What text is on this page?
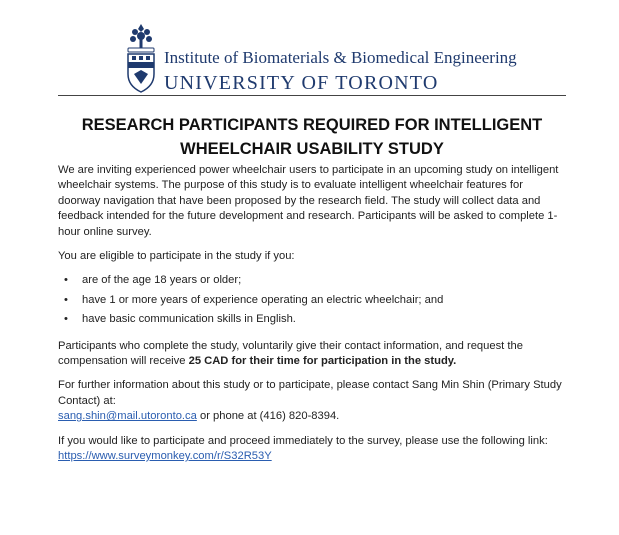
Institute of Biomaterials & Biomedical Engineering
UNIVERSITY OF TORONTO
RESEARCH PARTICIPANTS REQUIRED FOR INTELLIGENT
WHEELCHAIR USABILITY STUDY

We are inviting experienced power wheelchair users to participate in an upcoming study on intelligent wheelchair systems. The purpose of this study is to evaluate intelligent wheelchair features for doorway navigation that have been proposed by the research field. The study will collect data and feedback intended for the future development and research. Participants will be asked to complete 1-hour online survey.

You are eligible to participate in the study if you:

• are of the age 18 years or older;
• have 1 or more years of experience operating an electric wheelchair; and
• have basic communication skills in English.

Participants who complete the study, voluntarily give their contact information, and request the compensation will receive 25 CAD for their time for participation in the study.

For further information about this study or to participate, please contact Sang Min Shin (Primary Study Contact) at:
sang.shin@mail.utoronto.ca or phone at (416) 820-8394.

If you would like to participate and proceed immediately to the survey, please use the following link:
https://www.surveymonkey.com/r/S32R53Y
